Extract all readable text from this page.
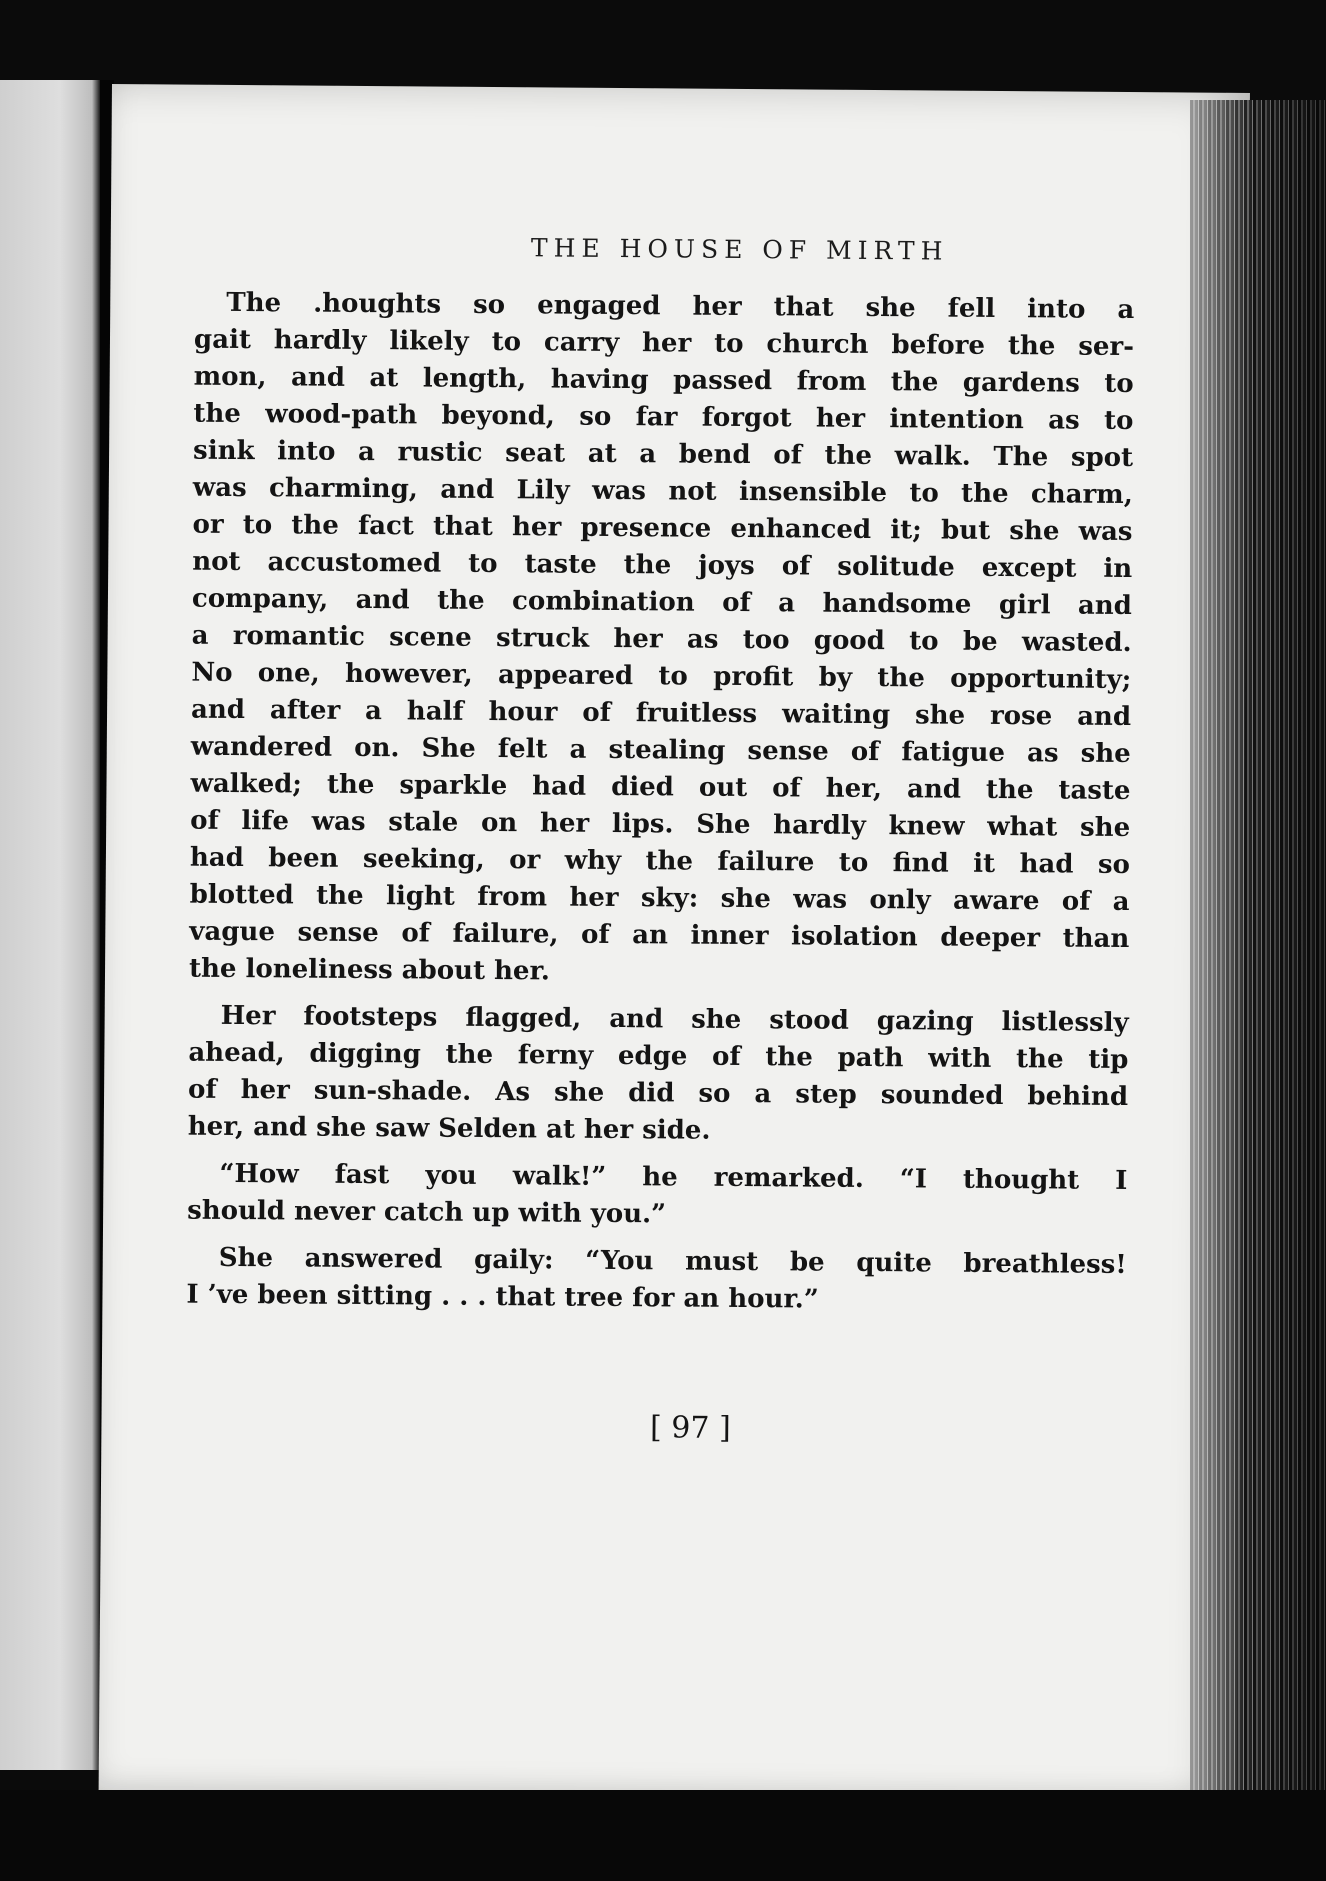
THE HOUSE OF MIRTH
The .houghts so engaged her that she fell into a
gait hardly likely to carry her to church before the ser-
mon, and at length, having passed from the gardens to
the wood-path beyond, so far forgot her intention as to
sink into a rustic seat at a bend of the walk. The spot
was charming, and Lily was not insensible to the charm,
or to the fact that her presence enhanced it; but she was
not accustomed to taste the joys of solitude except in
company, and the combination of a handsome girl and
a romantic scene struck her as too good to be wasted.
No one, however, appeared to profit by the opportunity;
and after a half hour of fruitless waiting she rose and
wandered on. She felt a stealing sense of fatigue as she
walked; the sparkle had died out of her, and the taste
of life was stale on her lips. She hardly knew what she
had been seeking, or why the failure to find it had so
blotted the light from her sky: she was only aware of a
vague sense of failure, of an inner isolation deeper than
the loneliness about her.
Her footsteps flagged, and she stood gazing listlessly
ahead, digging the ferny edge of the path with the tip
of her sun-shade. As she did so a step sounded behind
her, and she saw Selden at her side.
“How fast you walk!” he remarked. “I thought I
should never catch up with you.”
She answered gaily: “You must be quite breathless!
I ’ve been sittin᠎g . . . that tree for an hour.”
[ 97 ]
